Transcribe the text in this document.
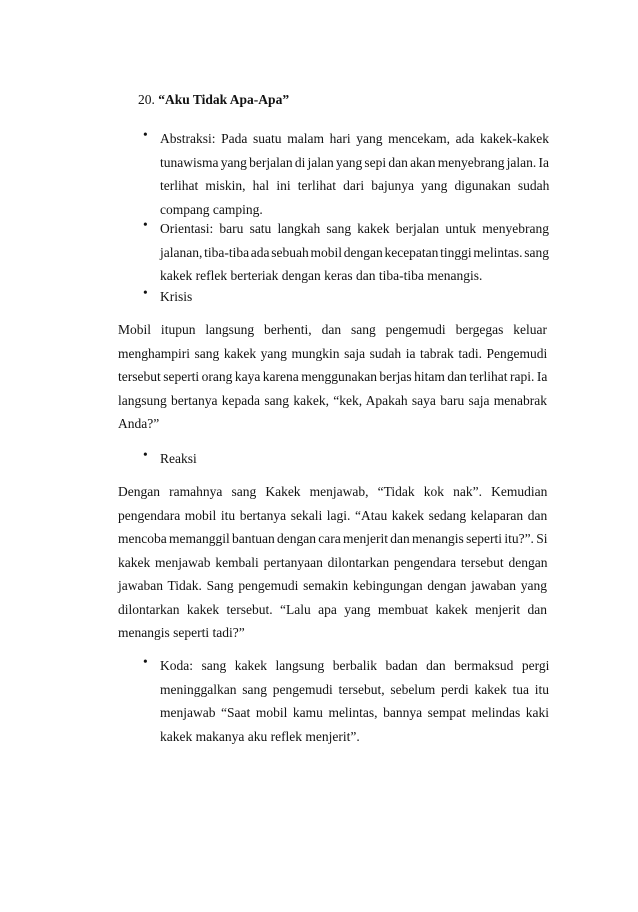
20. “Aku Tidak Apa-Apa”
• Abstraksi: Pada suatu malam hari yang mencekam, ada kakek-kakek
tunawisma yang berjalan di jalan yang sepi dan akan menyebrang jalan. Ia
terlihat miskin, hal ini terlihat dari bajunya yang digunakan sudah
compang camping.
• Orientasi: baru satu langkah sang kakek berjalan untuk menyebrang
jalanan, tiba-tiba ada sebuah mobil dengan kecepatan tinggi melintas. sang
kakek reflek berteriak dengan keras dan tiba-tiba menangis.
• Krisis
Mobil itupun langsung berhenti, dan sang pengemudi bergegas keluar
menghampiri sang kakek yang mungkin saja sudah ia tabrak tadi. Pengemudi
tersebut seperti orang kaya karena menggunakan berjas hitam dan terlihat rapi. Ia
langsung bertanya kepada sang kakek, “kek, Apakah saya baru saja menabrak
Anda?”
• Reaksi
Dengan ramahnya sang Kakek menjawab, “Tidak kok nak”. Kemudian
pengendara mobil itu bertanya sekali lagi. “Atau kakek sedang kelaparan dan
mencoba memanggil bantuan dengan cara menjerit dan menangis seperti itu?”. Si
kakek menjawab kembali pertanyaan dilontarkan pengendara tersebut dengan
jawaban Tidak. Sang pengemudi semakin kebingungan dengan jawaban yang
dilontarkan kakek tersebut. “Lalu apa yang membuat kakek menjerit dan
menangis seperti tadi?”
• Koda: sang kakek langsung berbalik badan dan bermaksud pergi
meninggalkan sang pengemudi tersebut, sebelum perdi kakek tua itu
menjawab “Saat mobil kamu melintas, bannya sempat melindas kaki
kakek makanya aku reflek menjerit”.
